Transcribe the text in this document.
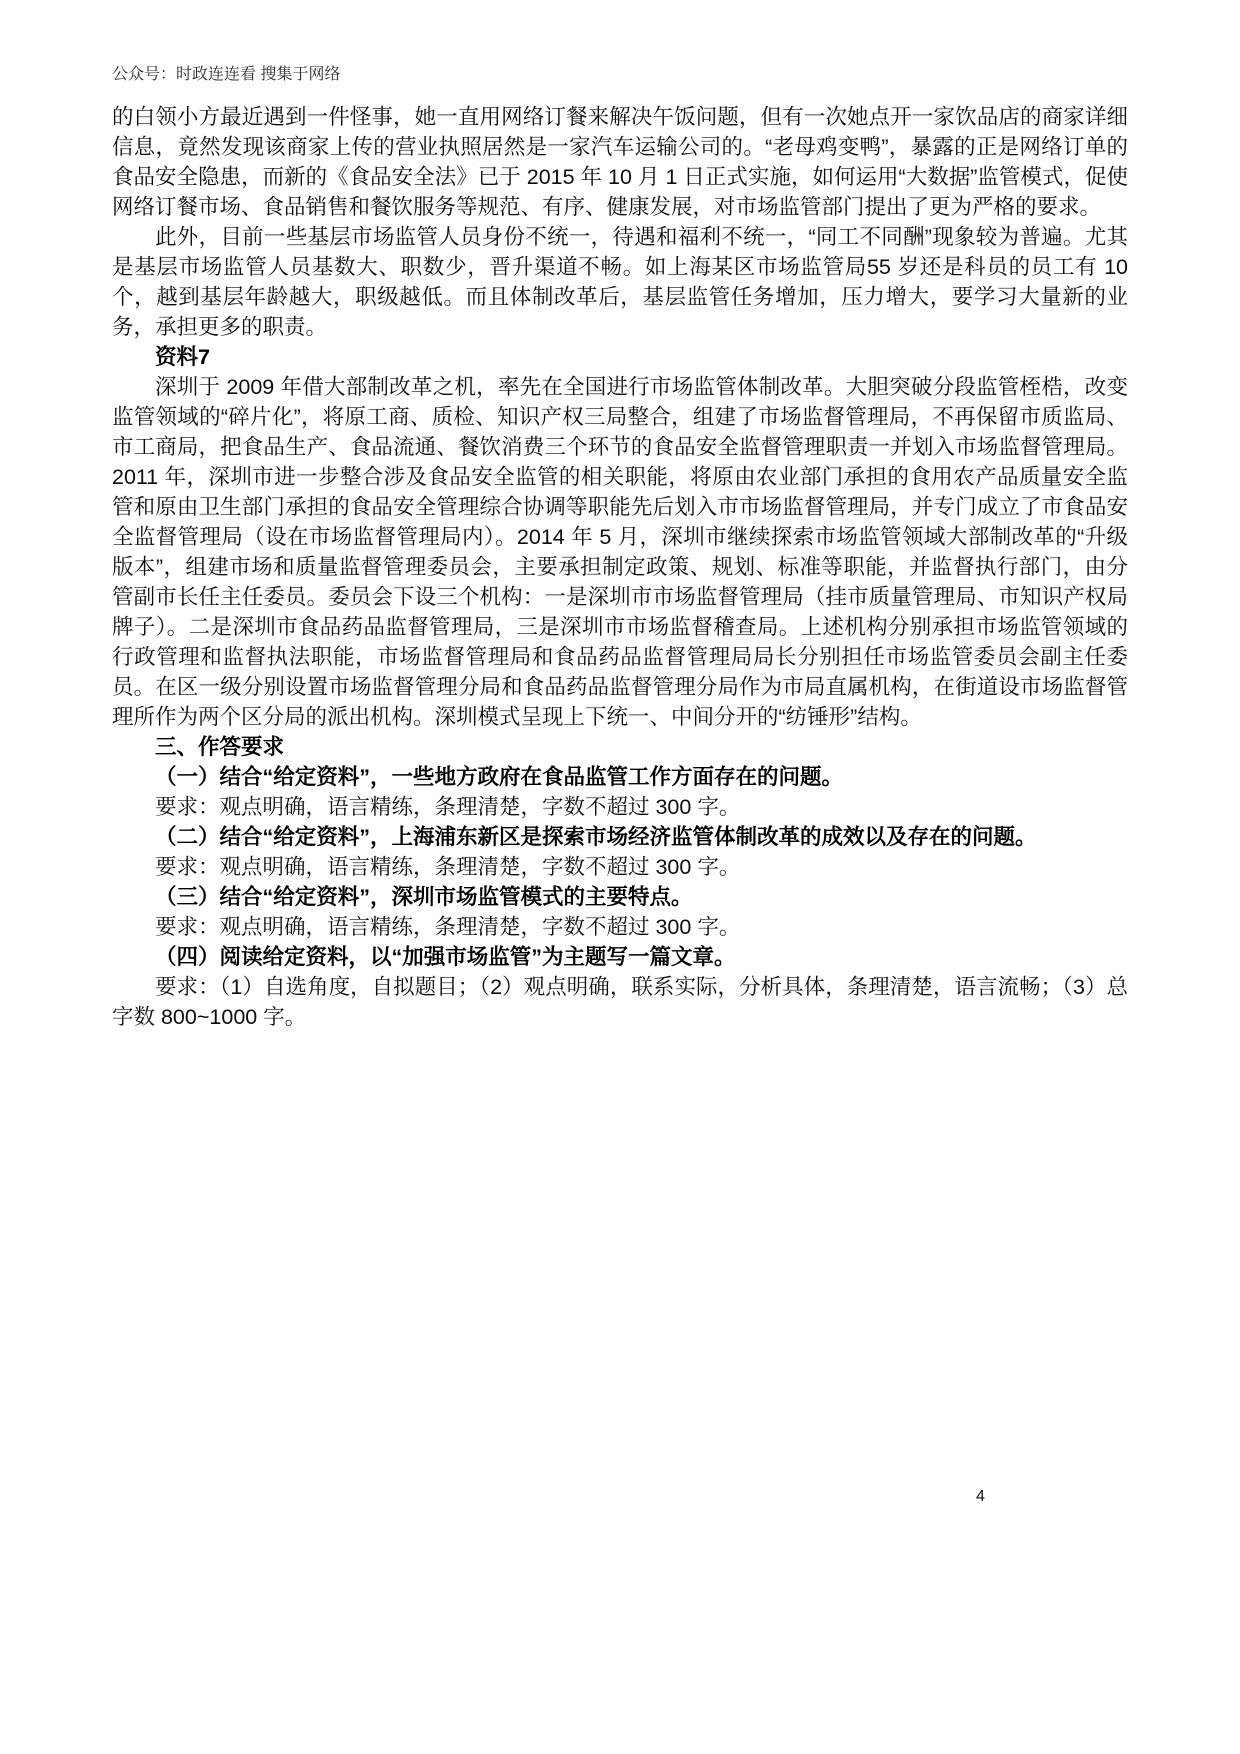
公众号：时政连连看 搜集于网络

的白领小方最近遇到一件怪事，她一直用网络订餐来解决午饭问题，但有一次她点开一家饮品店的商家详细信息，竟然发现该商家上传的营业执照居然是一家汽车运输公司的。“老母鸡变鸭”，暴露的正是网络订单的食品安全隐患，而新的《食品安全法》已于 2015 年 10 月 1 日正式实施，如何运用“大数据”监管模式，促使网络订餐市场、食品销售和餐饮服务等规范、有序、健康发展，对市场监管部门提出了更为严格的要求。

此外，目前一些基层市场监管人员身份不统一，待遇和福利不统一，“同工不同酬”现象较为普遍。尤其是基层市场监管人员基数大、职数少，晋升渠道不畅。如上海某区市场监管局55 岁还是科员的员工有 10 个，越到基层年龄越大，职级越低。而且体制改革后，基层监管任务增加，压力增大，要学习大量新的业务，承担更多的职责。

资料7

深圳于 2009 年借大部制改革之机，率先在全国进行市场监管体制改革。大胆突破分段监管桎梏，改变监管领域的“碎片化”，将原工商、质检、知识产权三局整合，组建了市场监督管理局，不再保留市质监局、市工商局，把食品生产、食品流通、餐饮消费三个环节的食品安全监督管理职责一并划入市场监督管理局。2011 年，深圳市进一步整合涉及食品安全监管的相关职能，将原由农业部门承担的食用农产品质量安全监管和原由卫生部门承担的食品安全管理综合协调等职能先后划入市市场监督管理局，并专门成立了市食品安全监督管理局（设在市场监督管理局内）。2014 年 5 月，深圳市继续探索市场监管领域大部制改革的“升级版本”，组建市场和质量监督管理委员会，主要承担制定政策、规划、标准等职能，并监督执行部门，由分管副市长任主任委员。委员会下设三个机构：一是深圳市市场监督管理局（挂市质量管理局、市知识产权局牌子）。二是深圳市食品药品监督管理局，三是深圳市市场监督稽查局。上述机构分别承担市场监管领域的行政管理和监督执法职能，市场监督管理局和食品药品监督管理局局长分别担任市场监管委员会副主任委员。在区一级分别设置市场监督管理分局和食品药品监督管理分局作为市局直属机构，在街道设市场监督管理所作为两个区分局的派出机构。深圳模式呈现上下统一、中间分开的“纺锤形”结构。

三、作答要求

（一）结合“给定资料”，一些地方政府在食品监管工作方面存在的问题。

要求：观点明确，语言精练，条理清楚，字数不超过 300 字。

（二）结合“给定资料”，上海浦东新区是探索市场经济监管体制改革的成效以及存在的问题。

要求：观点明确，语言精练，条理清楚，字数不超过 300 字。

（三）结合“给定资料”，深圳市场监管模式的主要特点。

要求：观点明确，语言精练，条理清楚，字数不超过 300 字。

（四）阅读给定资料，以“加强市场监管”为主题写一篇文章。

要求：（1）自选角度，自拟题目；（2）观点明确，联系实际，分析具体，条理清楚，语言流畅；（3）总字数 800~1000 字。

4
